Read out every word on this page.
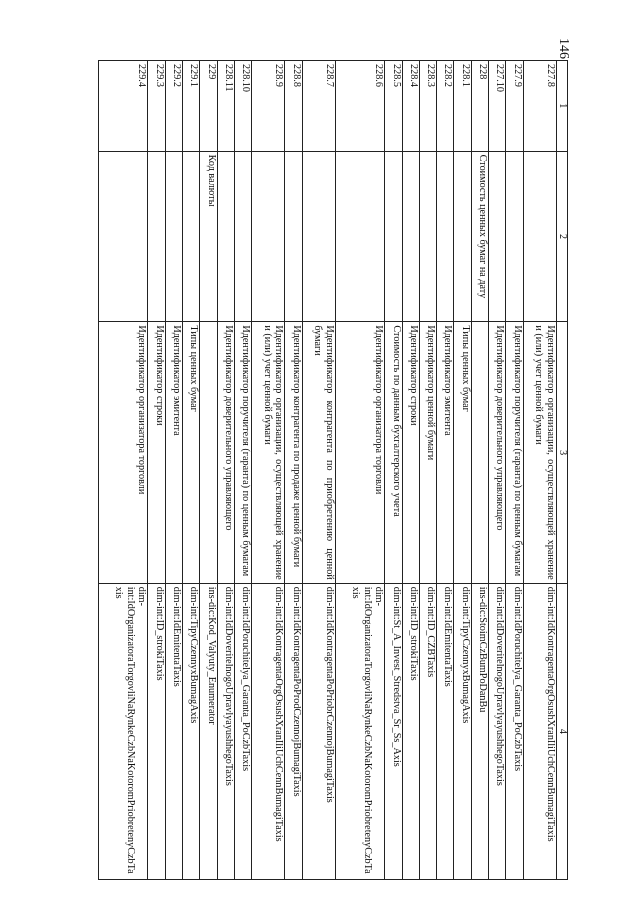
146
1	2	3	4
227.8		Идентификатор организации, осуществляющей хранение и (или) учет ценной бумаги	dim-int:IdKontragentaOrgOsushXranIliUchCennBumagiTaxis
227.9		Идентификатор поручителя (гаранта) по ценным бумагам	dim-int:IdPoruchitelya_Garanta_PoCzbTaxis
227.10		Идентификатор доверительного управляющего	dim-int:IdDoveritelnogoUpravlyayushhegoTaxis
228	Стоимость ценных бумаг на дату		ins-dic:StoimCzBumPoDanBu
228.1		Типы ценных бумаг	dim-int:TipyCzennyxBumagAxis
228.2		Идентификатор эмитента	dim-int:IdEmitentaTaxis
228.3		Идентификатор ценной бумаги	dim-int:ID_CZBTaxis
228.4		Идентификатор строки	dim-int:ID_strokiTaxis
228.5		Стоимость по данным бухгалтерского учета	dim-int:St_A_Invest_Stredstva_Sr_Ss_Axis
228.6		Идентификатор организатора торговли	dim-int:IdOrganizatoraTorgovliNaRynkeCzbNaKotoromPriobretenyCzbTaxis
228.7		Идентификатор контрагента по приобретению ценной бумаги	dim-int:IdKontragentaPoPriobrCzennojBumagiTaxis
228.8		Идентификатор контрагента по продаже ценной бумаги	dim-int:IdKontragentaPoProdCzennojBumagiTaxis
228.9		Идентификатор организации, осуществляющей хранение и (или) учет ценной бумаги	dim-int:IdKontragentaOrgOsushXranIliUchCennBumagiTaxis
228.10		Идентификатор поручителя (гаранта) по ценным бумагам	dim-int:IdPoruchitelya_Garanta_PoCzbTaxis
228.11		Идентификатор доверительного управляющего	dim-int:IdDoveritelnogoUpravlyayushhegoTaxis
229	Код валюты		ins-dic:Kod_Valyuty_Enumerator
229.1		Типы ценных бумаг	dim-int:TipyCzennyxBumagAxis
229.2		Идентификатор эмитента	dim-int:IdEmitentaTaxis
229.3		Идентификатор строки	dim-int:ID_strokiTaxis
229.4		Идентификатор организатора торговли	dim-int:IdOrganizatoraTorgovliNaRynkeCzbNaKotoromPriobretenyCzbTaxis
